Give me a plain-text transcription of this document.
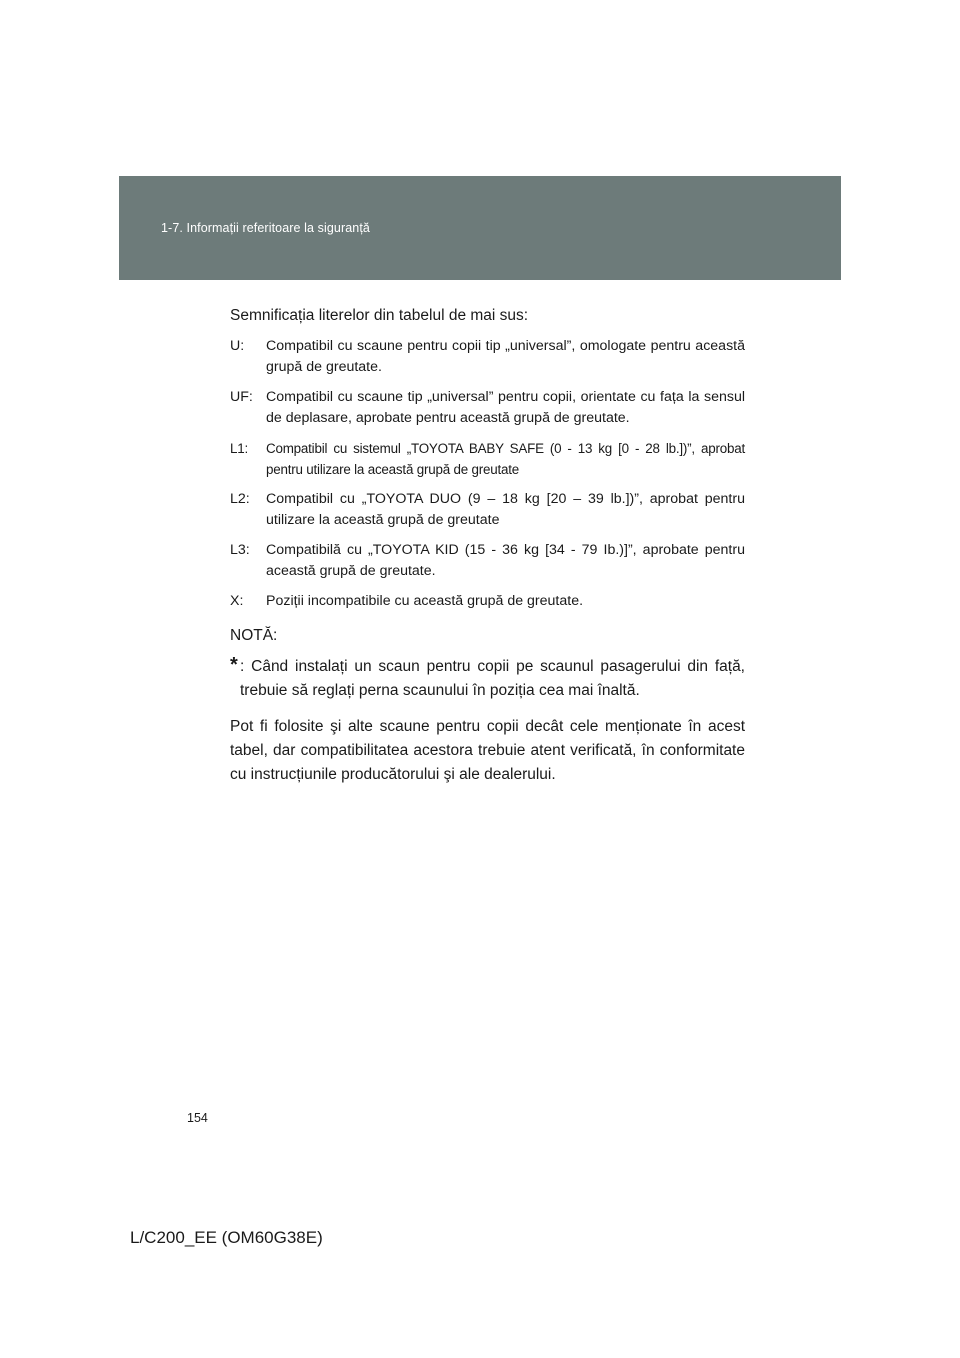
1-7. Informații referitoare la siguranță

Semnificația literelor din tabelul de mai sus:

U:	Compatibil cu scaune pentru copii tip „universal”, omologate pentru această grupă de greutate.
UF: Compatibil cu scaune tip „universal” pentru copii, orientate cu fața la sensul de deplasare, aprobate pentru această grupă de greutate.
L1:	Compatibil cu sistemul „TOYOTA BABY SAFE (0 - 13 kg [0 - 28 lb.])”, aprobat pentru utilizare la această grupă de greutate
L2:	Compatibil cu „TOYOTA DUO (9 – 18 kg [20 – 39 lb.])”, aprobat pentru utilizare la această grupă de greutate
L3:	Compatibilă cu „TOYOTA KID (15 - 36 kg [34 - 79 Ib.)]”, aprobate pentru această grupă de greutate.
X:	Poziții incompatibile cu această grupă de greutate.

NOTĂ:

* : Când instalați un scaun pentru copii pe scaunul pasagerului din față, trebuie să reglați perna scaunului în poziția cea mai înaltă.

Pot fi folosite şi alte scaune pentru copii decât cele menționate în acest tabel, dar compatibilitatea acestora trebuie atent verificată, în conformitate cu instrucțiunile producătorului şi ale dealerului.

154
L/C200_EE (OM60G38E)
